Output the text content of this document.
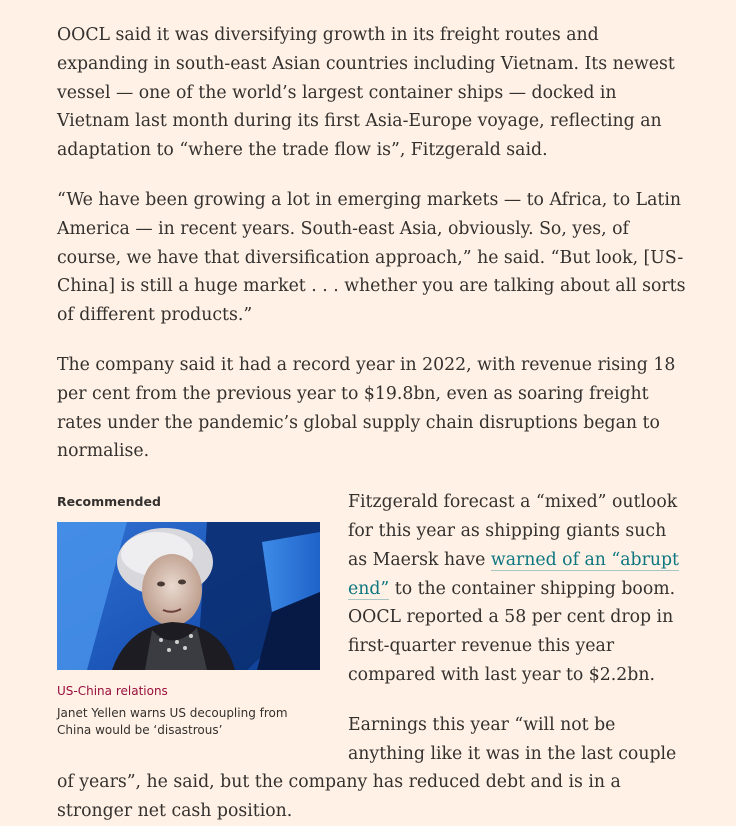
OOCL said it was diversifying growth in its freight routes and expanding in south-east Asian countries including Vietnam. Its newest vessel — one of the world’s largest container ships — docked in Vietnam last month during its first Asia-Europe voyage, reflecting an adaptation to “where the trade flow is”, Fitzgerald said.

“We have been growing a lot in emerging markets — to Africa, to Latin America — in recent years. South-east Asia, obviously. So, yes, of course, we have that diversification approach,” he said. “But look, [US-China] is still a huge market . . . whether you are talking about all sorts of different products.”

The company said it had a record year in 2022, with revenue rising 18 per cent from the previous year to $19.8bn, even as soaring freight rates under the pandemic’s global supply chain disruptions began to normalise.

Recommended
US-China relations
Janet Yellen warns US decoupling from China would be ‘disastrous’

Fitzgerald forecast a “mixed” outlook for this year as shipping giants such as Maersk have warned of an “abrupt end” to the container shipping boom. OOCL reported a 58 per cent drop in first-quarter revenue this year compared with last year to $2.2bn.

Earnings this year “will not be anything like it was in the last couple of years”, he said, but the company has reduced debt and is in a stronger net cash position.
